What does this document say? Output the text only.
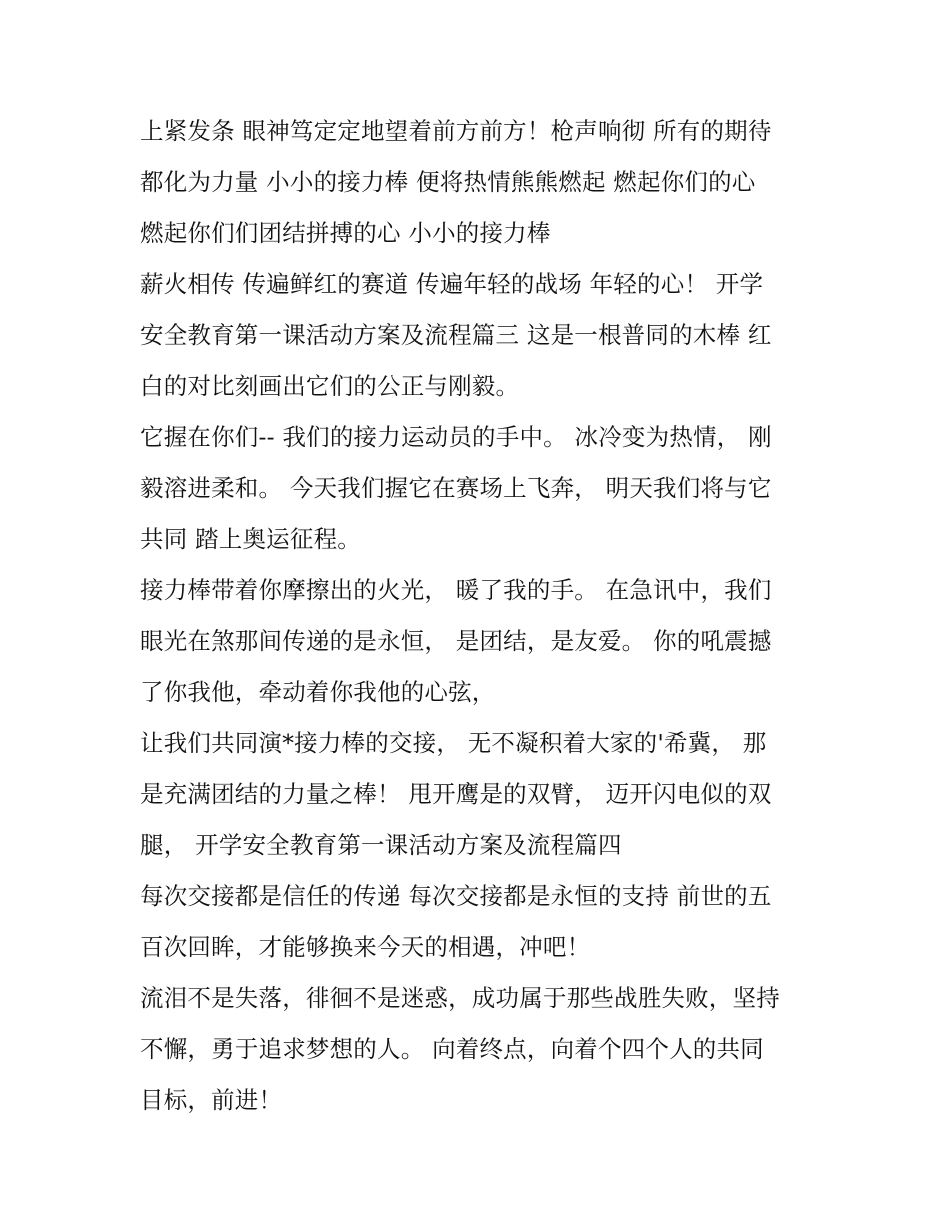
上紧发条 眼神笃定定地望着前方前方！枪声响彻 所有的期待
都化为力量 小小的接力棒 便将热情熊熊燃起 燃起你们的心
燃起你们们团结拼搏的心 小小的接力棒
薪火相传 传遍鲜红的赛道 传遍年轻的战场 年轻的心！ 开学
安全教育第一课活动方案及流程篇三 这是一根普同的木棒 红
白的对比刻画出它们的公正与刚毅。
它握在你们-- 我们的接力运动员的手中。 冰冷变为热情， 刚
毅溶进柔和。 今天我们握它在赛场上飞奔， 明天我们将与它
共同 踏上奥运征程。
接力棒带着你摩擦出的火光， 暖了我的手。 在急讯中，我们
眼光在煞那间传递的是永恒， 是团结，是友爱。 你的吼震撼
了你我他，牵动着你我他的心弦，
让我们共同演*接力棒的交接， 无不凝积着大家的'希冀， 那
是充满团结的力量之棒！ 甩开鹰是的双臂， 迈开闪电似的双
腿， 开学安全教育第一课活动方案及流程篇四
每次交接都是信任的传递 每次交接都是永恒的支持 前世的五
百次回眸，才能够换来今天的相遇，冲吧！
流泪不是失落，徘徊不是迷惑，成功属于那些战胜失败，坚持
不懈，勇于追求梦想的人。 向着终点，向着个四个人的共同
目标，前进！
